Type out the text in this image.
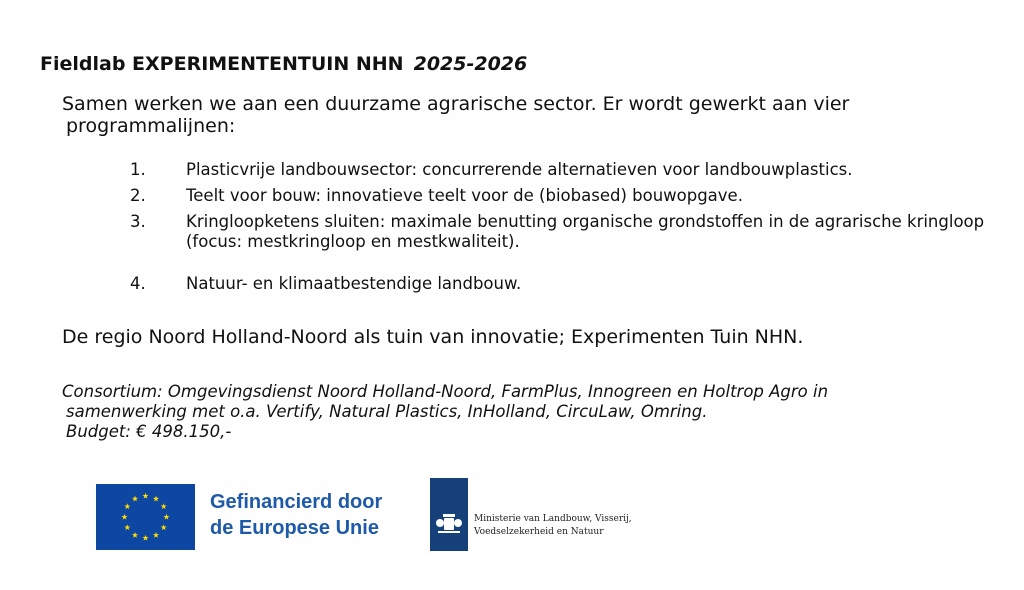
Fieldlab EXPERIMENTENTUIN NHN 2025-2026
Samen werken we aan een duurzame agrarische sector. Er wordt gewerkt aan vier
programmalijnen:
1. Plasticvrije landbouwsector: concurrerende alternatieven voor landbouwplastics.
2. Teelt voor bouw: innovatieve teelt voor de (biobased) bouwopgave.
3. Kringloopketens sluiten: maximale benutting organische grondstoffen in de agrarische kringloop (focus: mestkringloop en mestkwaliteit).
4. Natuur- en klimaatbestendige landbouw.
De regio Noord Holland-Noord als tuin van innovatie; Experimenten Tuin NHN.
Consortium: Omgevingsdienst Noord Holland-Noord, FarmPlus, Innogreen en Holtrop Agro in
samenwerking met o.a. Vertify, Natural Plastics, InHolland, CircuLaw, Omring.
Budget: € 498.150,-
Gefinancierd door
de Europese Unie	Ministerie van Landbouw, Visserij,
Voedselzekerheid en Natuur
